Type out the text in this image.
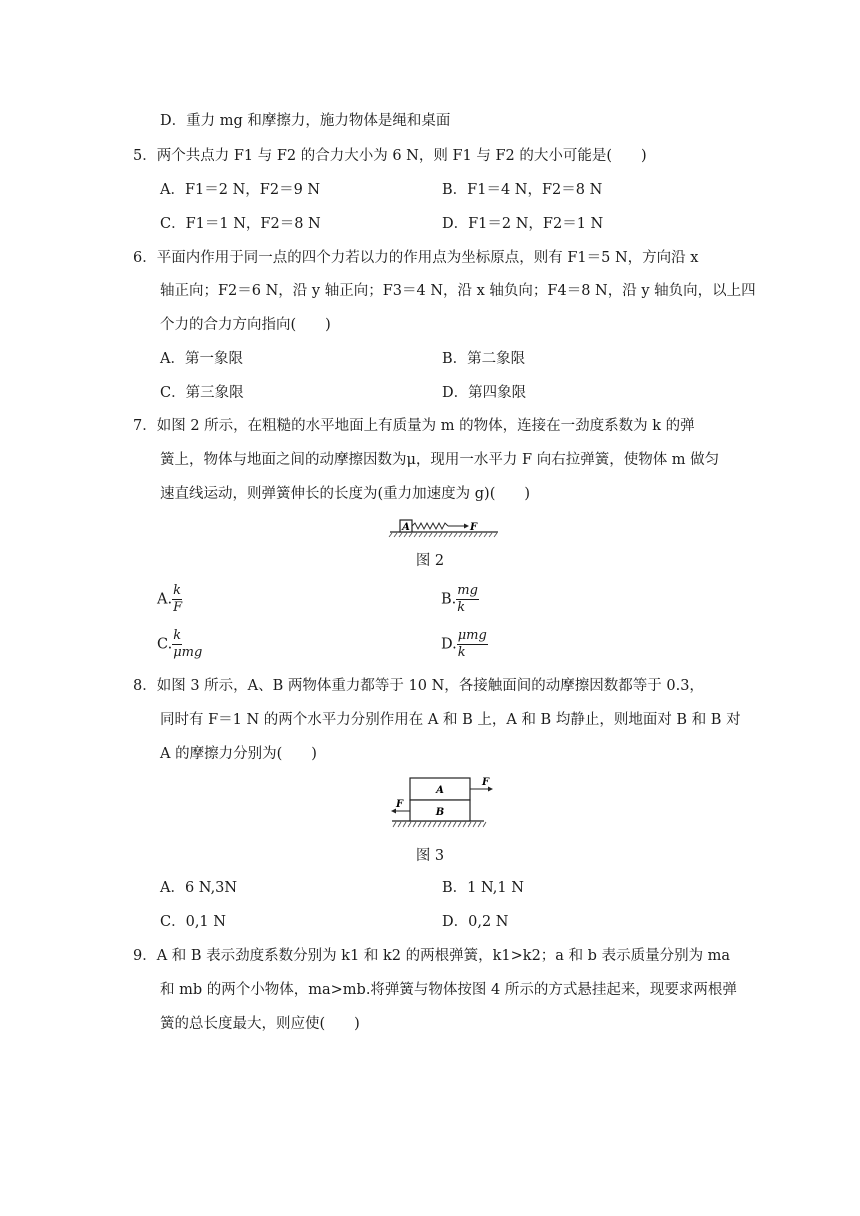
D．重力 mg 和摩擦力，施力物体是绳和桌面
5．两个共点力 F1 与 F2 的合力大小为 6 N，则 F1 与 F2 的大小可能是(　　)
A．F1＝2 N，F2＝9 N	B．F1＝4 N，F2＝8 N
C．F1＝1 N，F2＝8 N	D．F1＝2 N，F2＝1 N
6．平面内作用于同一点的四个力若以力的作用点为坐标原点，则有 F1＝5 N，方向沿 x
轴正向；F2＝6 N，沿 y 轴正向；F3＝4 N，沿 x 轴负向；F4＝8 N，沿 y 轴负向，以上四
个力的合力方向指向(　　)
A．第一象限	B．第二象限
C．第三象限	D．第四象限
7．如图 2 所示，在粗糙的水平地面上有质量为 m 的物体，连接在一劲度系数为 k 的弹
簧上，物体与地面之间的动摩擦因数为μ，现用一水平力 F 向右拉弹簧，使物体 m 做匀
速直线运动，则弹簧伸长的长度为(重力加速度为 g)(　　)
A	F
图 2
A. $\frac{k}{F}$	B. $\frac{mg}{k}$
C. $\frac{k}{\text{μmg}}$	D. $\frac{\text{μmg}}{k}$
8．如图 3 所示，A、B 两物体重力都等于 10 N，各接触面间的动摩擦因数都等于 0.3，
同时有 F＝1 N 的两个水平力分别作用在 A 和 B 上，A 和 B 均静止，则地面对 B 和 B 对
A 的摩擦力分别为(　　)
A
B
F
F
图 3
A．6 N,3N	B．1 N,1 N
C．0,1 N	D．0,2 N
9．A 和 B 表示劲度系数分别为 k1 和 k2 的两根弹簧，k1>k2；a 和 b 表示质量分别为 ma
和 mb 的两个小物体，ma>mb.将弹簧与物体按图 4 所示的方式悬挂起来，现要求两根弹
簧的总长度最大，则应使(　　)
